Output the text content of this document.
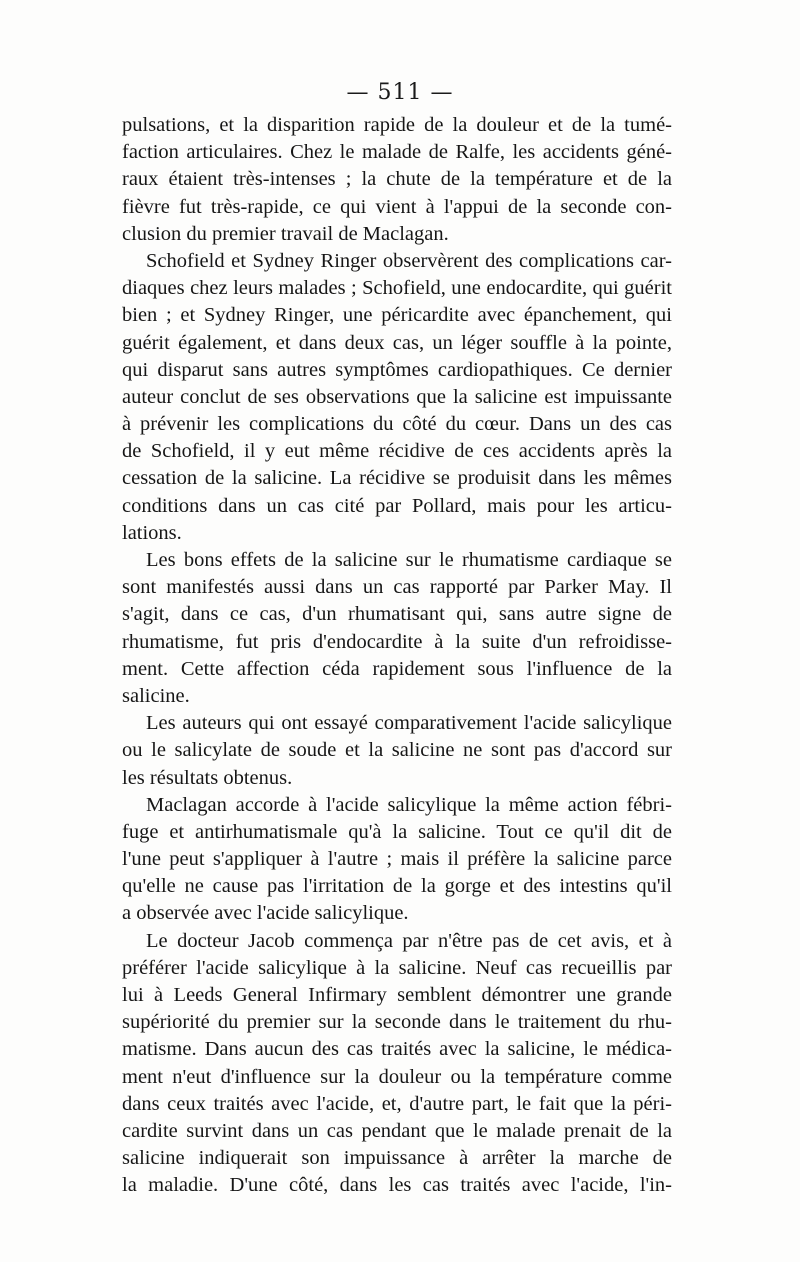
— 511 —
pulsations, et la disparition rapide de la douleur et de la tumé-
faction articulaires. Chez le malade de Ralfe, les accidents géné-
raux étaient très-intenses ; la chute de la température et de la
fièvre fut très-rapide, ce qui vient à l'appui de la seconde con-
clusion du premier travail de Maclagan.
Schofield et Sydney Ringer observèrent des complications car-
diaques chez leurs malades ; Schofield, une endocardite, qui guérit
bien ; et Sydney Ringer, une péricardite avec épanchement, qui
guérit également, et dans deux cas, un léger souffle à la pointe,
qui disparut sans autres symptômes cardiopathiques. Ce dernier
auteur conclut de ses observations que la salicine est impuissante
à prévenir les complications du côté du cœur. Dans un des cas
de Schofield, il y eut même récidive de ces accidents après la
cessation de la salicine. La récidive se produisit dans les mêmes
conditions dans un cas cité par Pollard, mais pour les articu-
lations.
Les bons effets de la salicine sur le rhumatisme cardiaque se
sont manifestés aussi dans un cas rapporté par Parker May. Il
s'agit, dans ce cas, d'un rhumatisant qui, sans autre signe de
rhumatisme, fut pris d'endocardite à la suite d'un refroidisse-
ment. Cette affection céda rapidement sous l'influence de la
salicine.
Les auteurs qui ont essayé comparativement l'acide salicylique
ou le salicylate de soude et la salicine ne sont pas d'accord sur
les résultats obtenus.
Maclagan accorde à l'acide salicylique la même action fébri-
fuge et antirhumatismale qu'à la salicine. Tout ce qu'il dit de
l'une peut s'appliquer à l'autre ; mais il préfère la salicine parce
qu'elle ne cause pas l'irritation de la gorge et des intestins qu'il
a observée avec l'acide salicylique.
Le docteur Jacob commença par n'être pas de cet avis, et à
préférer l'acide salicylique à la salicine. Neuf cas recueillis par
lui à Leeds General Infirmary semblent démontrer une grande
supériorité du premier sur la seconde dans le traitement du rhu-
matisme. Dans aucun des cas traités avec la salicine, le médica-
ment n'eut d'influence sur la douleur ou la température comme
dans ceux traités avec l'acide, et, d'autre part, le fait que la péri-
cardite survint dans un cas pendant que le malade prenait de la
salicine indiquerait son impuissance à arrêter la marche de
la maladie. D'une côté, dans les cas traités avec l'acide, l'in-
